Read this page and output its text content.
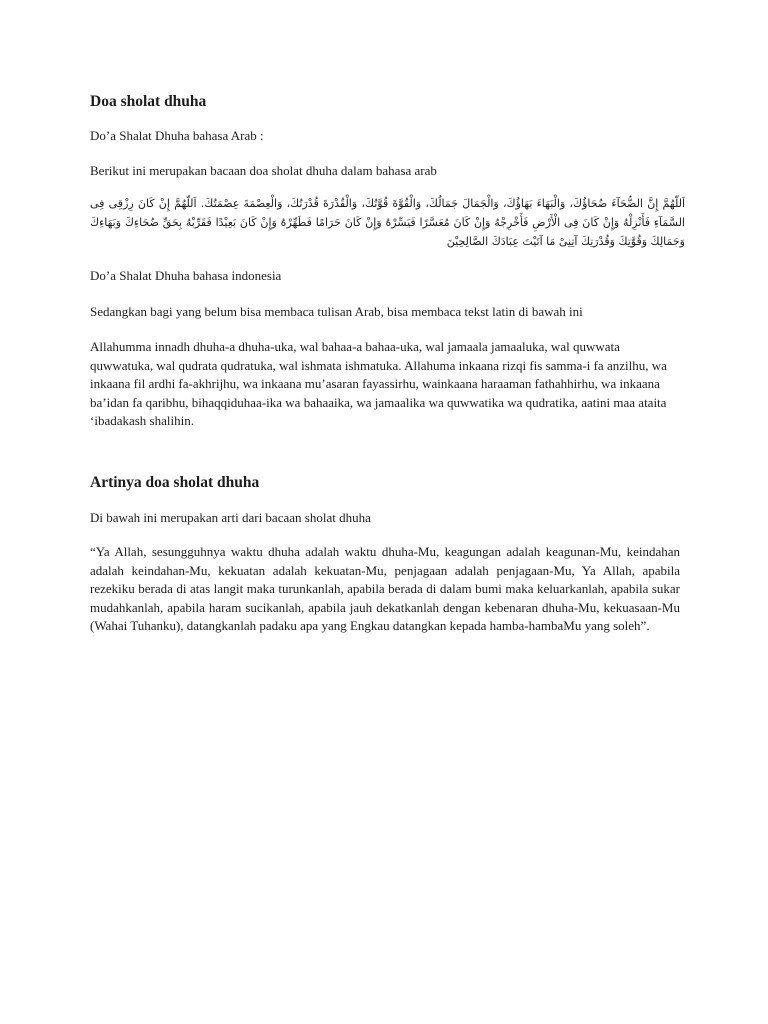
Doa sholat dhuha

Do’a Shalat Dhuha bahasa Arab :

Berikut ini merupakan bacaan doa sholat dhuha dalam bahasa arab

اَللّهُمَّ إِنَّ الضُّحَآءَ ضُحَاؤُكَ، وَالْبَهَاءَ بَهَاؤُكَ، وَالْجَمَالَ جَمَالُكَ، وَالْقُوَّةَ قُوَّتُكَ، وَالْقُدْرَةَ قُدْرَتُكَ، وَالْعِصْمَةَ عِصْمَتُكَ. اَللّهُمَّ إِنْ كَانَ رِزْقِى فِى السَّمَآءِ فَأَنْزِلْهُ وَإِنْ كَانَ فِى الْأَرْضِ فَأَخْرِجْهُ وَإِنْ كَانَ مُعَسَّرًا فَيَسِّرْهُ وَإِنْ كَانَ حَرَامًا فَطَهِّرْهُ وَإِنْ كَانَ بَعِيْدًا فَقَرِّبْهُ بِحَقِّ ضُحَاءِكَ وَبَهَاءِكَ وَجَمَالِكَ وَقُوَّتِكَ وَقُدْرَتِكَ آتِنِىْ مَا آتَيْتَ عِبَادَكَ الصَّالِحِيْنَ

Do’a Shalat Dhuha bahasa indonesia

Sedangkan bagi yang belum bisa membaca tulisan Arab, bisa membaca tekst latin di bawah ini

Allahumma innadh dhuha-a dhuha-uka, wal bahaa-a bahaa-uka, wal jamaala jamaaluka, wal quwwata quwwatuka, wal qudrata qudratuka, wal ishmata ishmatuka. Allahuma inkaana rizqi fis samma-i fa anzilhu, wa inkaana fil ardhi fa-akhrijhu, wa inkaana mu’asaran fayassirhu, wainkaana haraaman fathahhirhu, wa inkaana ba’idan fa qaribhu, bihaqqiduhaa-ika wa bahaaika, wa jamaalika wa quwwatika wa qudratika, aatini maa ataita ‘ibadakash shalihin.

Artinya doa sholat dhuha

Di bawah ini merupakan arti dari bacaan sholat dhuha

“Ya Allah, sesungguhnya waktu dhuha adalah waktu dhuha-Mu, keagungan adalah keagunan-Mu, keindahan adalah keindahan-Mu, kekuatan adalah kekuatan-Mu, penjagaan adalah penjagaan-Mu, Ya Allah, apabila rezekiku berada di atas langit maka turunkanlah, apabila berada di dalam bumi maka keluarkanlah, apabila sukar mudahkanlah, apabila haram sucikanlah, apabila jauh dekatkanlah dengan kebenaran dhuha-Mu, kekuasaan-Mu (Wahai Tuhanku), datangkanlah padaku apa yang Engkau datangkan kepada hamba-hambaMu yang soleh”.
